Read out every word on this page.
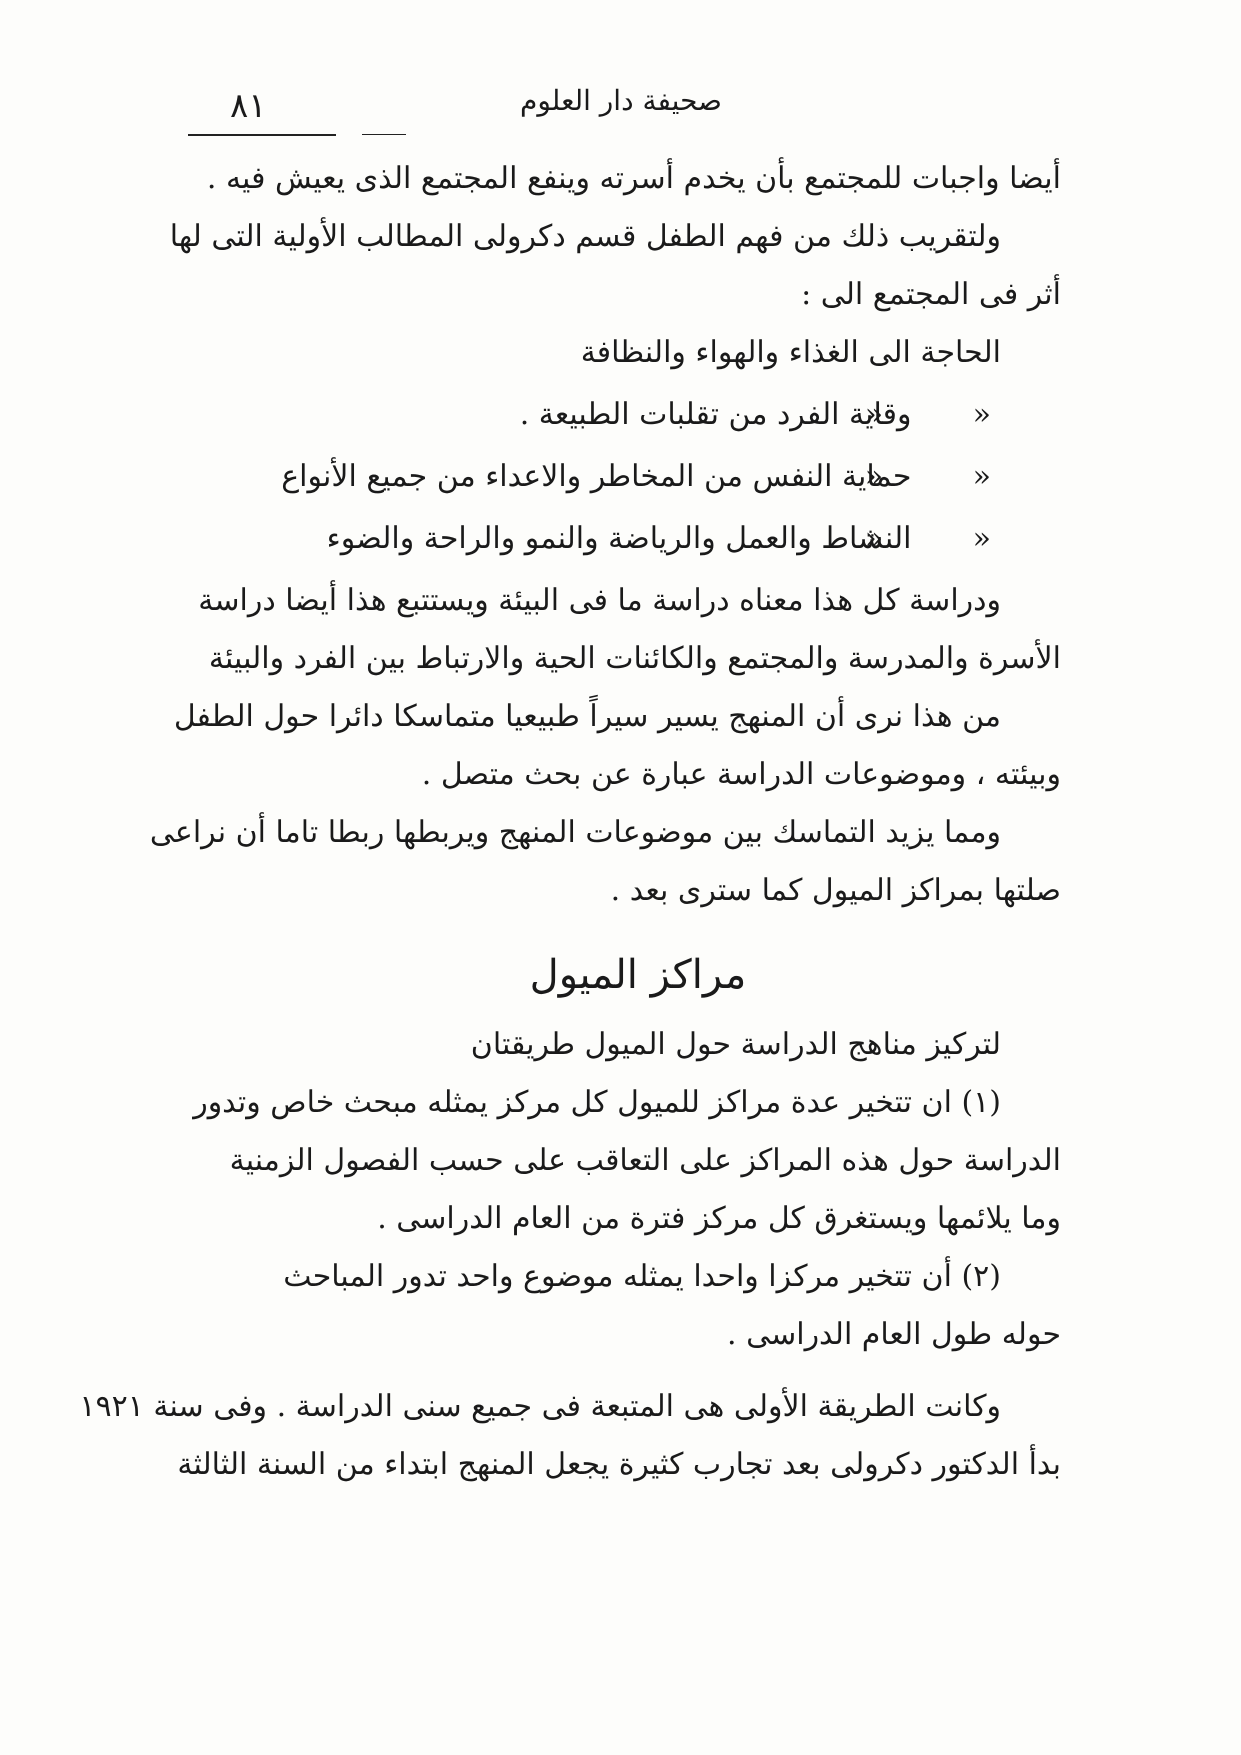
٨١	صحيفة دار العلوم
أيضا واجبات للمجتمع بأن يخدم أسرته وينفع المجتمع الذى يعيش فيه .
ولتقريب ذلك من فهم الطفل قسم دكرولى المطالب الأولية التى لها
أثر فى المجتمع الى :
الحاجة الى الغذاء والهواء والنظافة
« « وقاية الفرد من تقلبات الطبيعة .
« « حماية النفس من المخاطر والاعداء من جميع الأنواع
« « النشاط والعمل والرياضة والنمو والراحة والضوء
ودراسة كل هذا معناه دراسة ما فى البيئة ويستتبع هذا أيضا دراسة
الأسرة والمدرسة والمجتمع والكائنات الحية والارتباط بين الفرد والبيئة
من هذا نرى أن المنهج يسير سيراً طبيعيا متماسكا دائرا حول الطفل
وبيئته ، وموضوعات الدراسة عبارة عن بحث متصل .
ومما يزيد التماسك بين موضوعات المنهج ويربطها ربطا تاما أن نراعى
صلتها بمراكز الميول كما سترى بعد .
مراكز الميول
لتركيز مناهج الدراسة حول الميول طريقتان
(١) ان تتخير عدة مراكز للميول كل مركز يمثله مبحث خاص وتدور
الدراسة حول هذه المراكز على التعاقب على حسب الفصول الزمنية
وما يلائمها ويستغرق كل مركز فترة من العام الدراسى .
(٢) أن تتخير مركزا واحدا يمثله موضوع واحد تدور المباحث
حوله طول العام الدراسى .
وكانت الطريقة الأولى هى المتبعة فى جميع سنى الدراسة . وفى سنة ١٩٢١
بدأ الدكتور دكرولى بعد تجارب كثيرة يجعل المنهج ابتداء من السنة الثالثة
